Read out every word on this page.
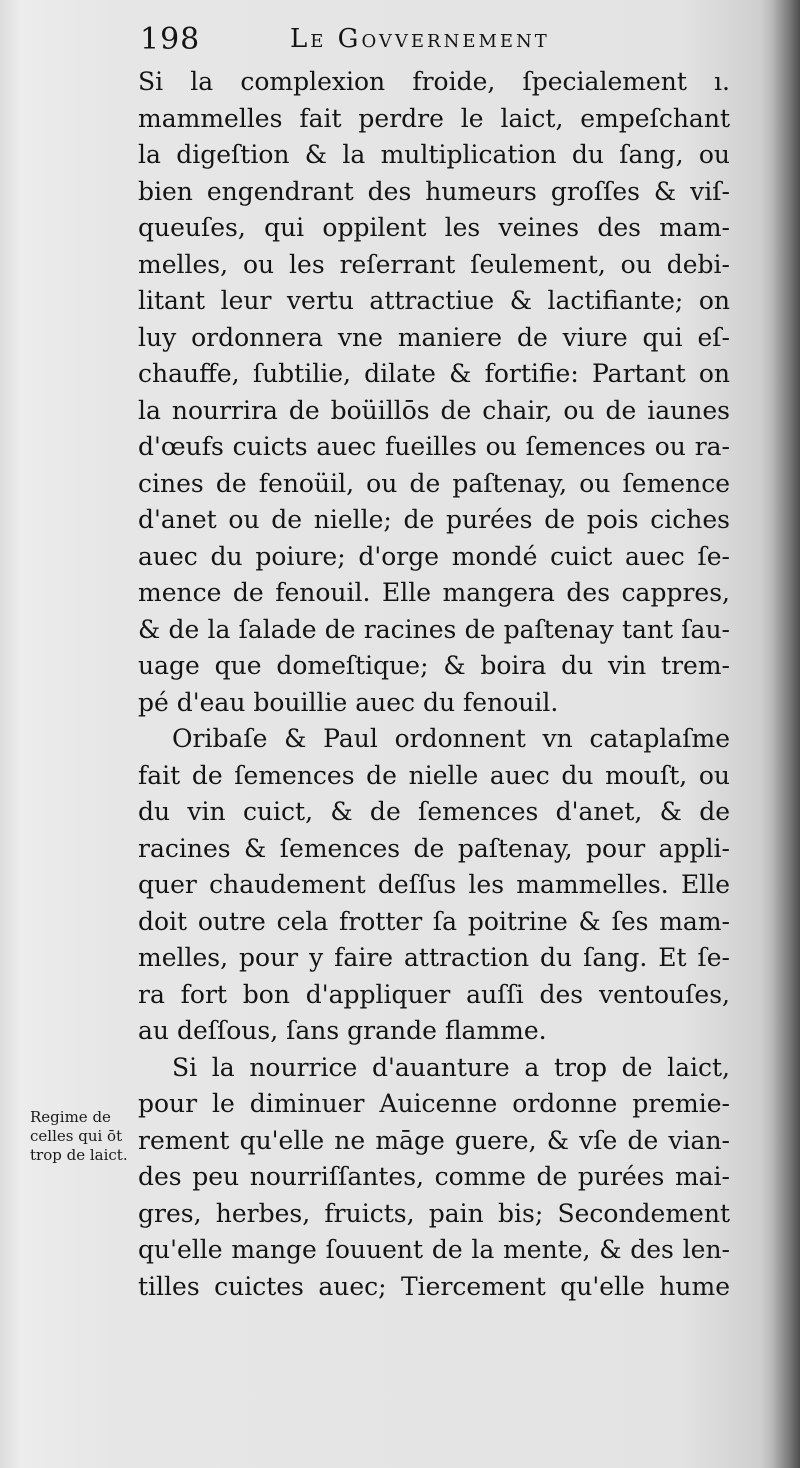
198	Le Govvernement
Si la complexion froide, ſpecialement ı.
mammelles fait perdre le laict, empeſchant
la digeſtion & la multiplication du ſang, ou
bien engendrant des humeurs groſſes & viſ-
queuſes, qui oppilent les veines des mam-
melles, ou les reſerrant ſeulement, ou debi-
litant leur vertu attractiue & lactifiante; on
luy ordonnera vne maniere de viure qui eſ-
chauffe, ſubtilie, dilate & fortifie: Partant on
la nourrira de boüillōs de chair, ou de iaunes
d'œufs cuicts auec fueilles ou ſemences ou ra-
cines de fenoüil, ou de paſtenay, ou ſemence
d'anet ou de nielle; de purées de pois ciches
auec du poiure; d'orge mondé cuict auec ſe-
mence de fenouil. Elle mangera des cappres,
& de la ſalade de racines de paſtenay tant ſau-
uage que domeſtique; & boira du vin trem-
pé d'eau bouillie auec du fenouil.
Oribaſe & Paul ordonnent vn cataplaſme
fait de ſemences de nielle auec du mouſt, ou
du vin cuict, & de ſemences d'anet, & de
racines & ſemences de paſtenay, pour appli-
quer chaudement deſſus les mammelles. Elle
doit outre cela frotter ſa poitrine & ſes mam-
melles, pour y faire attraction du ſang. Et ſe-
ra fort bon d'appliquer auſſi des ventouſes,
au deſſous, ſans grande flamme.
Si la nourrice d'auanture a trop de laict,
pour le diminuer Auicenne ordonne premie-
rement qu'elle ne māge guere, & vſe de vian-
des peu nourriſſantes, comme de purées mai-
gres, herbes, fruicts, pain bis; Secondement
qu'elle mange ſouuent de la mente, & des len-
tilles cuictes auec; Tiercement qu'elle hume
Regime de
celles qui ōt
trop de laict.
